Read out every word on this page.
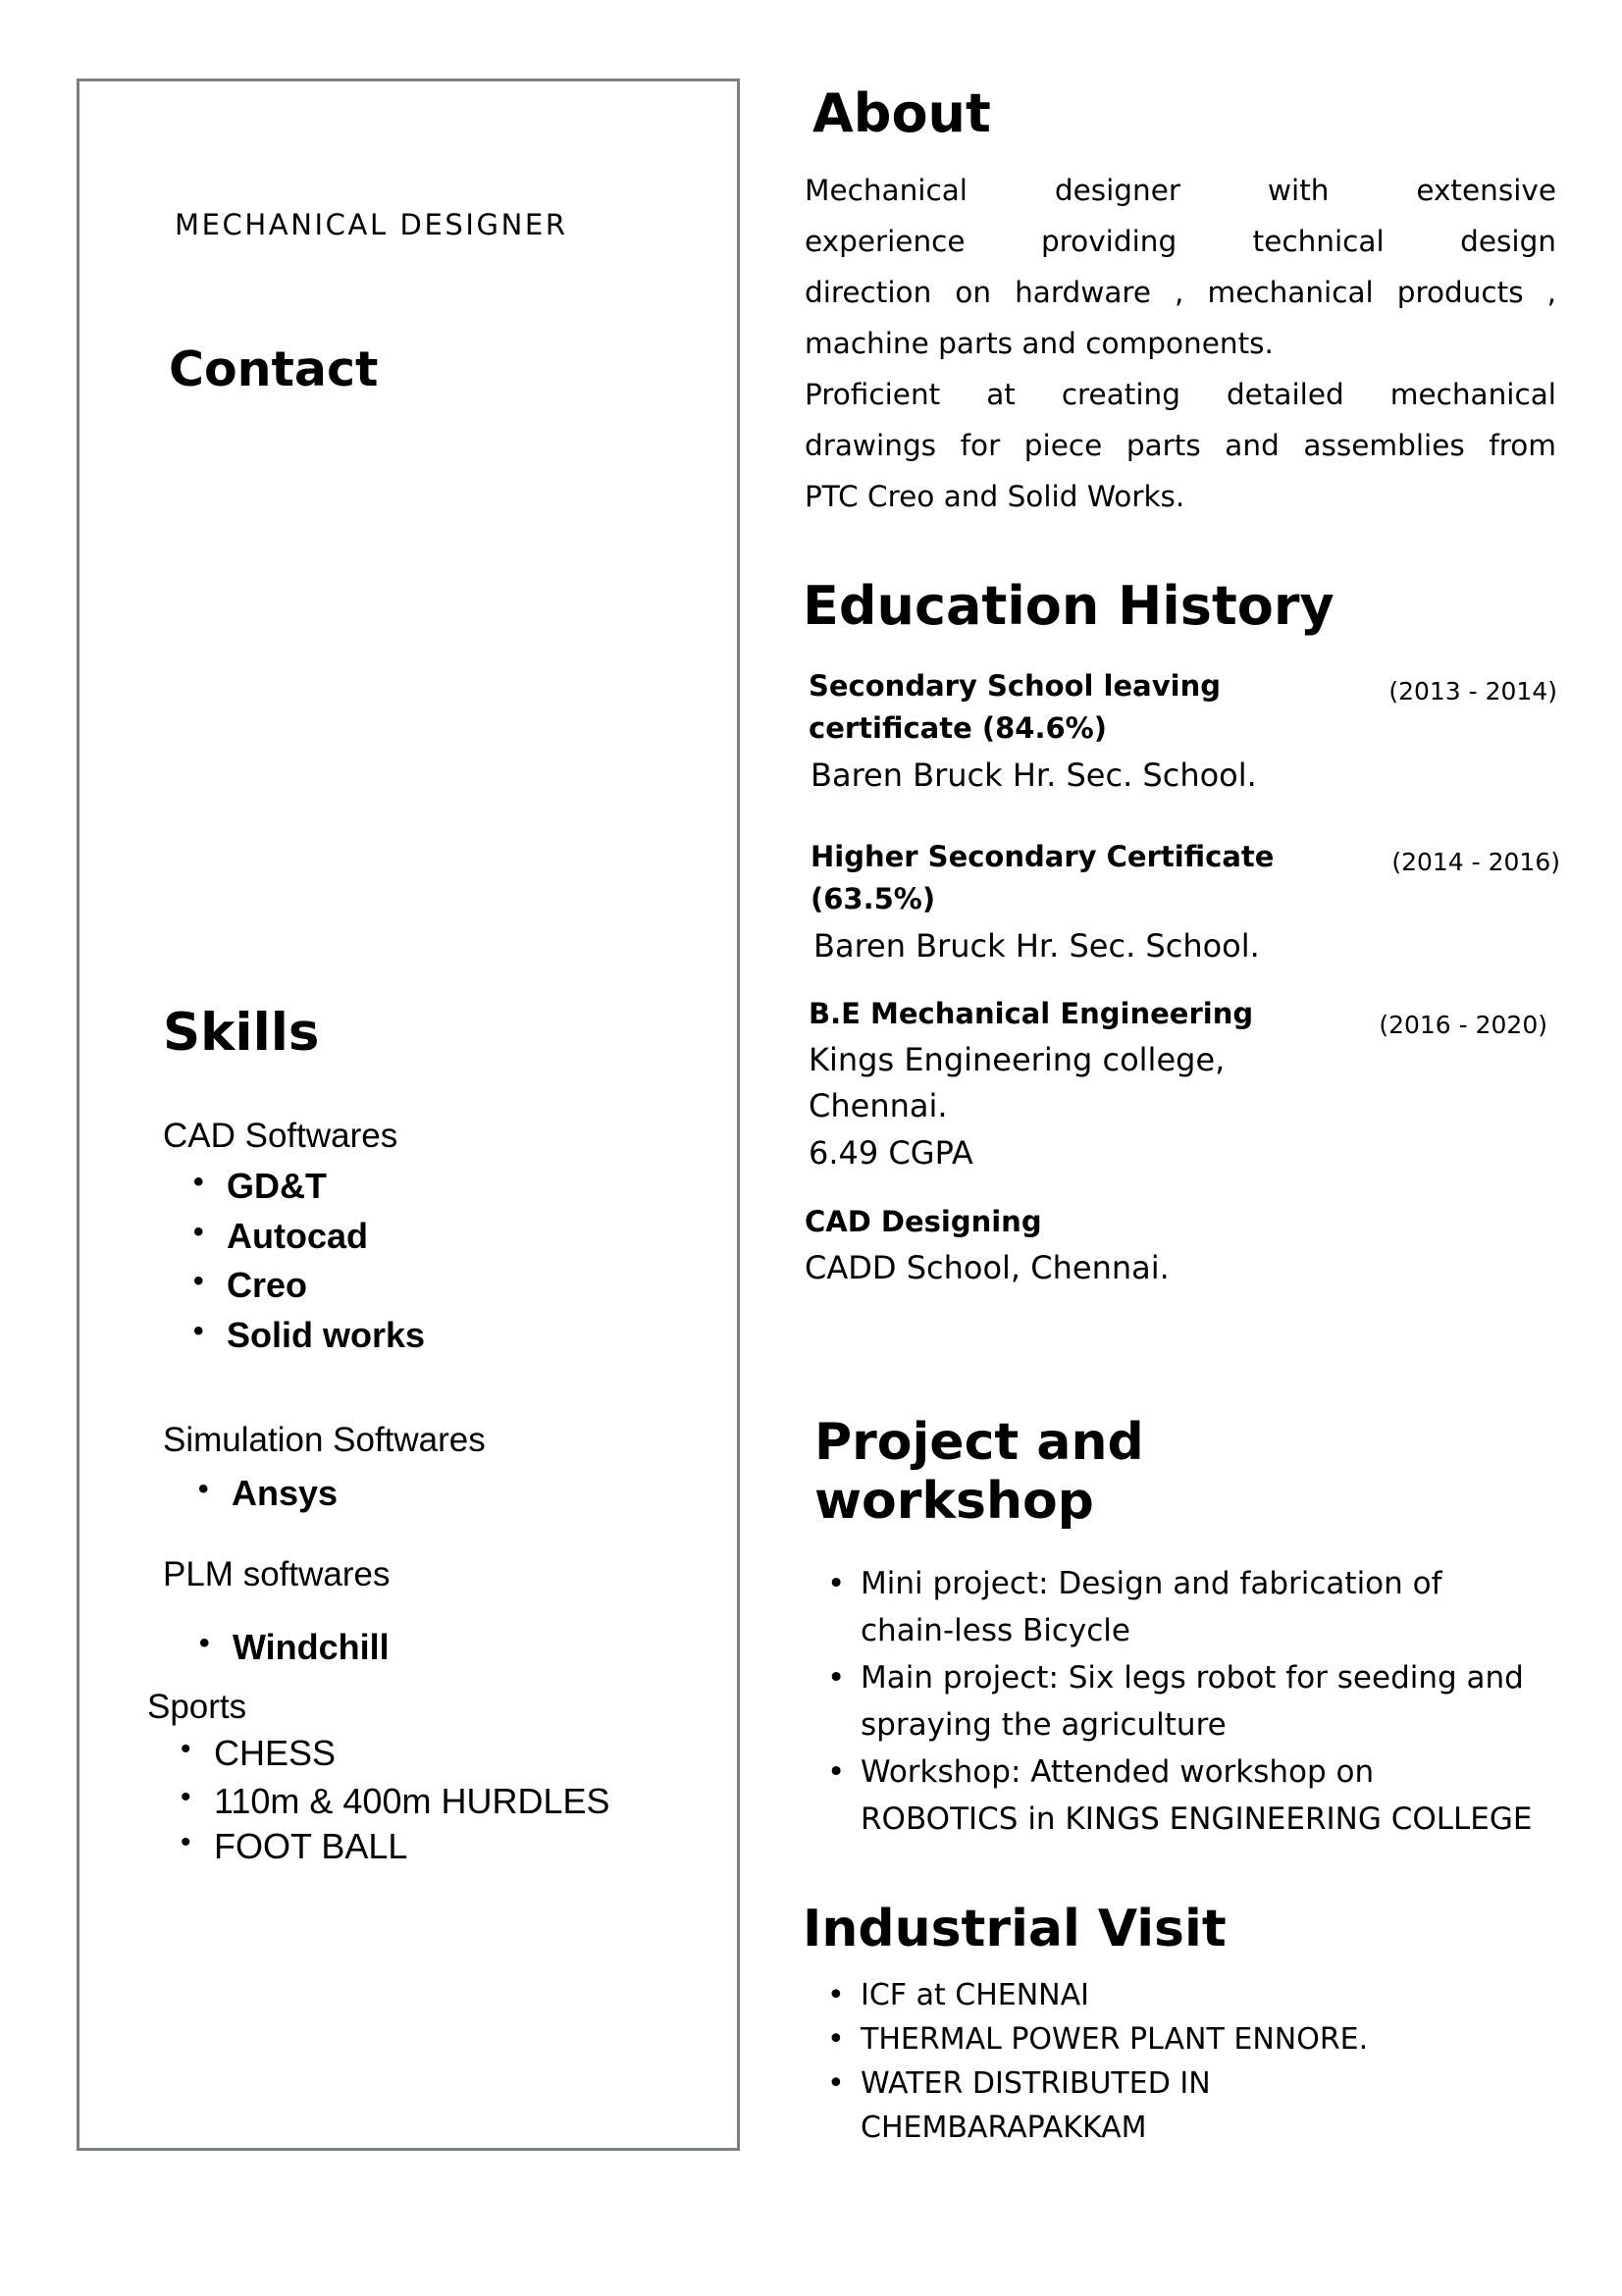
MECHANICAL DESIGNER
Contact
Skills
CAD Softwares
• GD&T
• Autocad
• Creo
• Solid works
Simulation Softwares
• Ansys
PLM softwares
• Windchill
Sports
• CHESS
• 110m & 400m HURDLES
• FOOT BALL
About

Mechanical designer with extensive

experience providing technical design

direction on hardware , mechanical products ,

machine parts and components.

Proficient at creating detailed mechanical

drawings for piece parts and assemblies from

PTC Creo and Solid Works.

Education History
Secondary School leaving
certificate (84.6%)
(2013 - 2014)
Baren Bruck Hr. Sec. School.
Higher Secondary Certificate
(63.5%)
(2014 - 2016)
Baren Bruck Hr. Sec. School.
B.E Mechanical Engineering	(2016 - 2020)
Kings Engineering college,
Chennai.
6.49 CGPA
CAD Designing
CADD School, Chennai.
Project and
workshop
• Mini project: Design and fabrication of
chain-less Bicycle
• Main project: Six legs robot for seeding and
spraying the agriculture
• Workshop: Attended workshop on
ROBOTICS in KINGS ENGINEERING COLLEGE
Industrial Visit
• ICF at CHENNAI
• THERMAL POWER PLANT ENNORE.
• WATER DISTRIBUTED IN
CHEMBARAPAKKAM
